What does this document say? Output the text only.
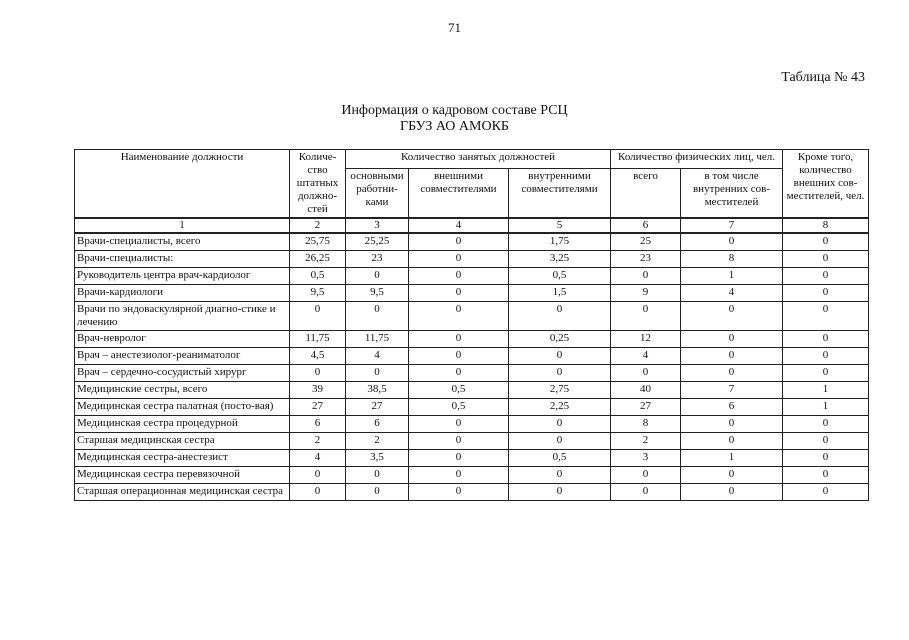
71
Таблица № 43
Информация о кадровом составе РСЦ
ГБУЗ АО АМОКБ
Наименование должности	Количе-ство штатных должно-стей	Количество занятых должностей			Количество физических лиц, чел.		Кроме того, количество внешних сов-местителей, чел.
		основными работни-ками	внешними совместителями	внутренними совместителями	всего	в том числе внутренних сов-местителей	
1	2	3	4	5	6	7	8
Врачи-специалисты, всего	25,75	25,25	0	1,75	25	0	0
Врачи-специалисты:	26,25	23	0	3,25	23	8	0
Руководитель центра врач-кардиолог	0,5	0	0	0,5	0	1	0
Врачи-кардиологи	9,5	9,5	0	1,5	9	4	0
Врачи по эндоваскулярной диагно-стике и лечению	0	0	0	0	0	0	0
Врач-невролог	11,75	11,75	0	0,25	12	0	0
Врач – анестезиолог-реаниматолог	4,5	4	0	0	4	0	0
Врач – сердечно-сосудистый хирург	0	0	0	0	0	0	0
Медицинские сестры, всего	39	38,5	0,5	2,75	40	7	1
Медицинская сестра палатная (посто-вая)	27	27	0,5	2,25	27	6	1
Медицинская сестра процедурной	6	6	0	0	8	0	0
Старшая медицинская сестра	2	2	0	0	2	0	0
Медицинская сестра-анестезист	4	3,5	0	0,5	3	1	0
Медицинская сестра перевязочной	0	0	0	0	0	0	0
Старшая операционная медицинская сестра	0	0	0	0	0	0	0
